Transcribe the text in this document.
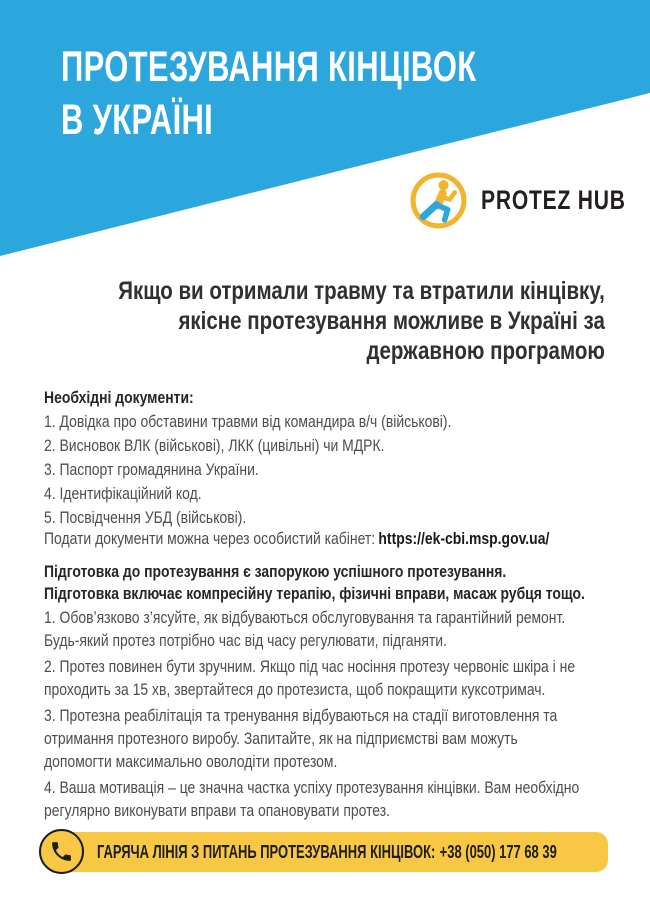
ПРОТЕЗУВАННЯ КІНЦІВОК
В УКРАЇНІ
PROTEZ HUB
Якщо ви отримали травму та втратили кінцівку,
якісне протезування можливе в Україні за
державною програмою
Необхідні документи:
1. Довідка про обставини травми від командира в/ч (військові).
2. Висновок ВЛК (військові), ЛКК (цивільні) чи МДРК.
3. Паспорт громадянина України.
4. Ідентифікаційний код.
5. Посвідчення УБД (військові).
Подати документи можна через особистий кабінет: https://ek-cbi.msp.gov.ua/
Підготовка до протезування є запорукою успішного протезування.
Підготовка включає компресійну терапію, фізичні вправи, масаж рубця тощо.
1. Обов’язково з’ясуйте, як відбуваються обслуговування та гарантійний ремонт.
Будь-який протез потрібно час від часу регулювати, підганяти.
2. Протез повинен бути зручним. Якщо під час носіння протезу червоніє шкіра і не
проходить за 15 хв, звертайтеся до протезиста, щоб покращити куксотримач.
3. Протезна реабілітація та тренування відбуваються на стадії виготовлення та
отримання протезного виробу. Запитайте, як на підприємстві вам можуть
допомогти максимально оволодіти протезом.
4. Ваша мотивація – це значна частка успіху протезування кінцівки. Вам необхідно
регулярно виконувати вправи та опановувати протез.
ГАРЯЧА ЛІНІЯ З ПИТАНЬ ПРОТЕЗУВАННЯ КІНЦІВОК: +38 (050) 177 68 39
